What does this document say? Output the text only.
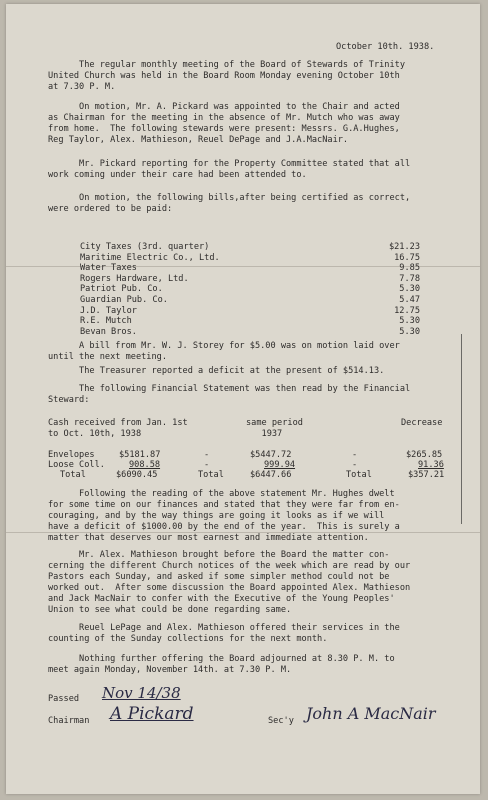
October 10th. 1938.
The regular monthly meeting of the Board of Stewards of Trinity
United Church was held in the Board Room Monday evening October 10th
at 7.30 P. M.
On motion, Mr. A. Pickard was appointed to the Chair and acted
as Chairman for the meeting in the absence of Mr. Mutch who was away
from home.  The following stewards were present: Messrs. G.A.Hughes,
Reg Taylor, Alex. Mathieson, Reuel DePage and J.A.MacNair.
Mr. Pickard reporting for the Property Committee stated that all
work coming under their care had been attended to.
On motion, the following bills,after being certified as correct,
were ordered to be paid:
City Taxes (3rd. quarter)	$21.23
Maritime Electric Co., Ltd.	16.75
Water Taxes	9.85
Rogers Hardware, Ltd.	7.78
Patriot Pub. Co.	5.30
Guardian Pub. Co.	5.47
J.D. Taylor	12.75
R.E. Mutch	5.30
Bevan Bros.	5.30
A bill from Mr. W. J. Storey for $5.00 was on motion laid over
until the next meeting.
The Treasurer reported a deficit at the present of $514.13.
The following Financial Statement was then read by the Financial
Steward:
Cash received from Jan. 1st
to Oct. 10th, 1938
same period
1937
Decrease
Envelopes	$5181.87	-	$5447.72	-	$265.85
Loose Coll.	908.58	-	999.94	-	91.36
Total	$6090.45	Total	$6447.66	Total	$357.21
Following the reading of the above statement Mr. Hughes dwelt
for some time on our finances and stated that they were far from en-
couraging, and by the way things are going it looks as if we will
have a deficit of $1000.00 by the end of the year.  This is surely a
matter that deserves our most earnest and immediate attention.
Mr. Alex. Mathieson brought before the Board the matter con-
cerning the different Church notices of the week which are read by our
Pastors each Sunday, and asked if some simpler method could not be
worked out.  After some discussion the Board appointed Alex. Mathieson
and Jack MacNair to confer with the Executive of the Young Peoples'
Union to see what could be done regarding same.
Reuel LePage and Alex. Mathieson offered their services in the
counting of the Sunday collections for the next month.
Nothing further offering the Board adjourned at 8.30 P. M. to
meet again Monday, November 14th. at 7.30 P. M.
Passed Nov 14/38
Chairman A Pickard	Sec'y John A MacNair
